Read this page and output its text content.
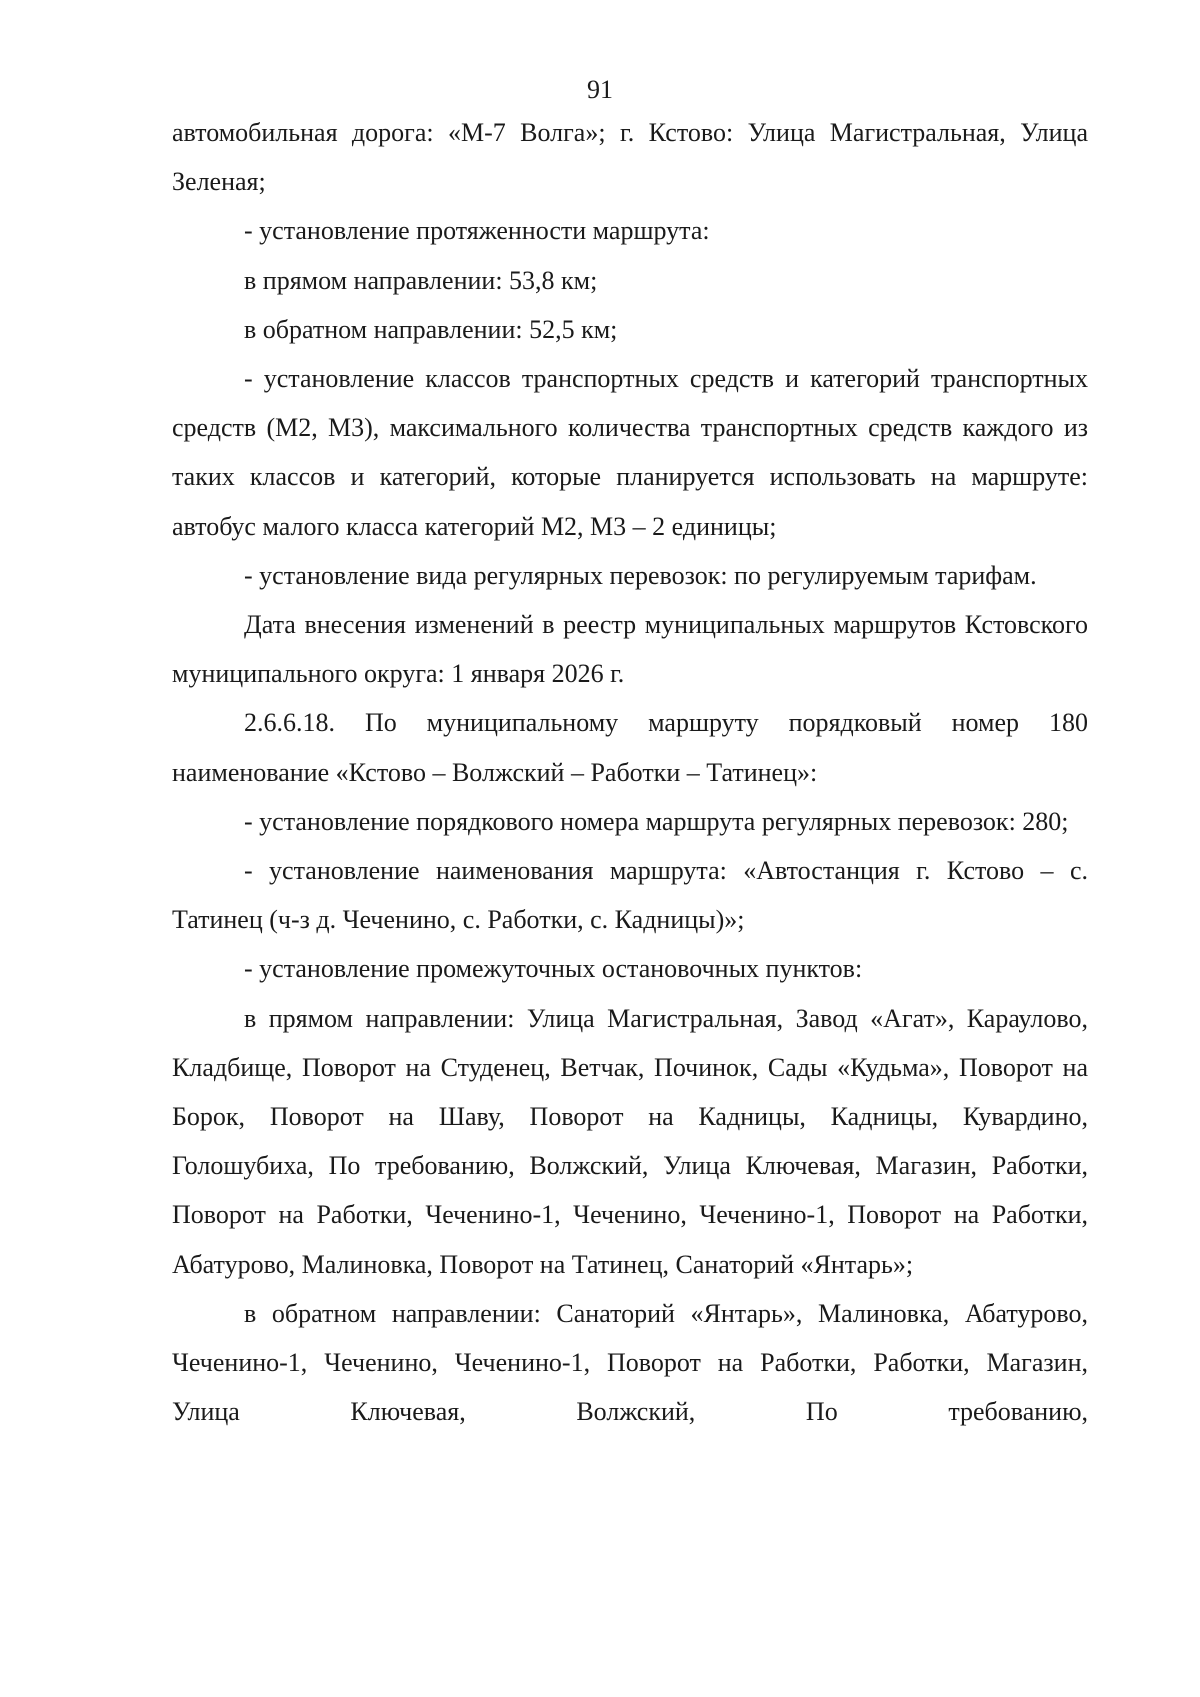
91

автомобильная дорога: «М-7 Волга»; г. Кстово: Улица Магистральная, Улица Зеленая;

- установление протяженности маршрута:

в прямом направлении: 53,8 км;

в обратном направлении: 52,5 км;

- установление классов транспортных средств и категорий транспортных средств (М2, М3), максимального количества транспортных средств каждого из таких классов и категорий, которые планируется использовать на маршруте: автобус малого класса категорий М2, М3 – 2 единицы;

- установление вида регулярных перевозок: по регулируемым тарифам.

Дата внесения изменений в реестр муниципальных маршрутов Кстовского муниципального округа: 1 января 2026 г.

2.6.6.18. По муниципальному маршруту порядковый номер 180 наименование «Кстово – Волжский – Работки – Татинец»:

- установление порядкового номера маршрута регулярных перевозок: 280;

- установление наименования маршрута: «Автостанция г. Кстово – с. Татинец (ч-з д. Чеченино, с. Работки, с. Кадницы)»;

- установление промежуточных остановочных пунктов:

в прямом направлении: Улица Магистральная, Завод «Агат», Караулово, Кладбище, Поворот на Студенец, Ветчак, Починок, Сады «Кудьма», Поворот на Борок, Поворот на Шаву, Поворот на Кадницы, Кадницы, Кувардино, Голошубиха, По требованию, Волжский, Улица Ключевая, Магазин, Работки, Поворот на Работки, Чеченино-1, Чеченино, Чеченино-1, Поворот на Работки, Абатурово, Малиновка, Поворот на Татинец, Санаторий «Янтарь»;

в обратном направлении: Санаторий «Янтарь», Малиновка, Абатурово, Чеченино-1, Чеченино, Чеченино-1, Поворот на Работки, Работки, Магазин, Улица Ключевая, Волжский, По требованию,
